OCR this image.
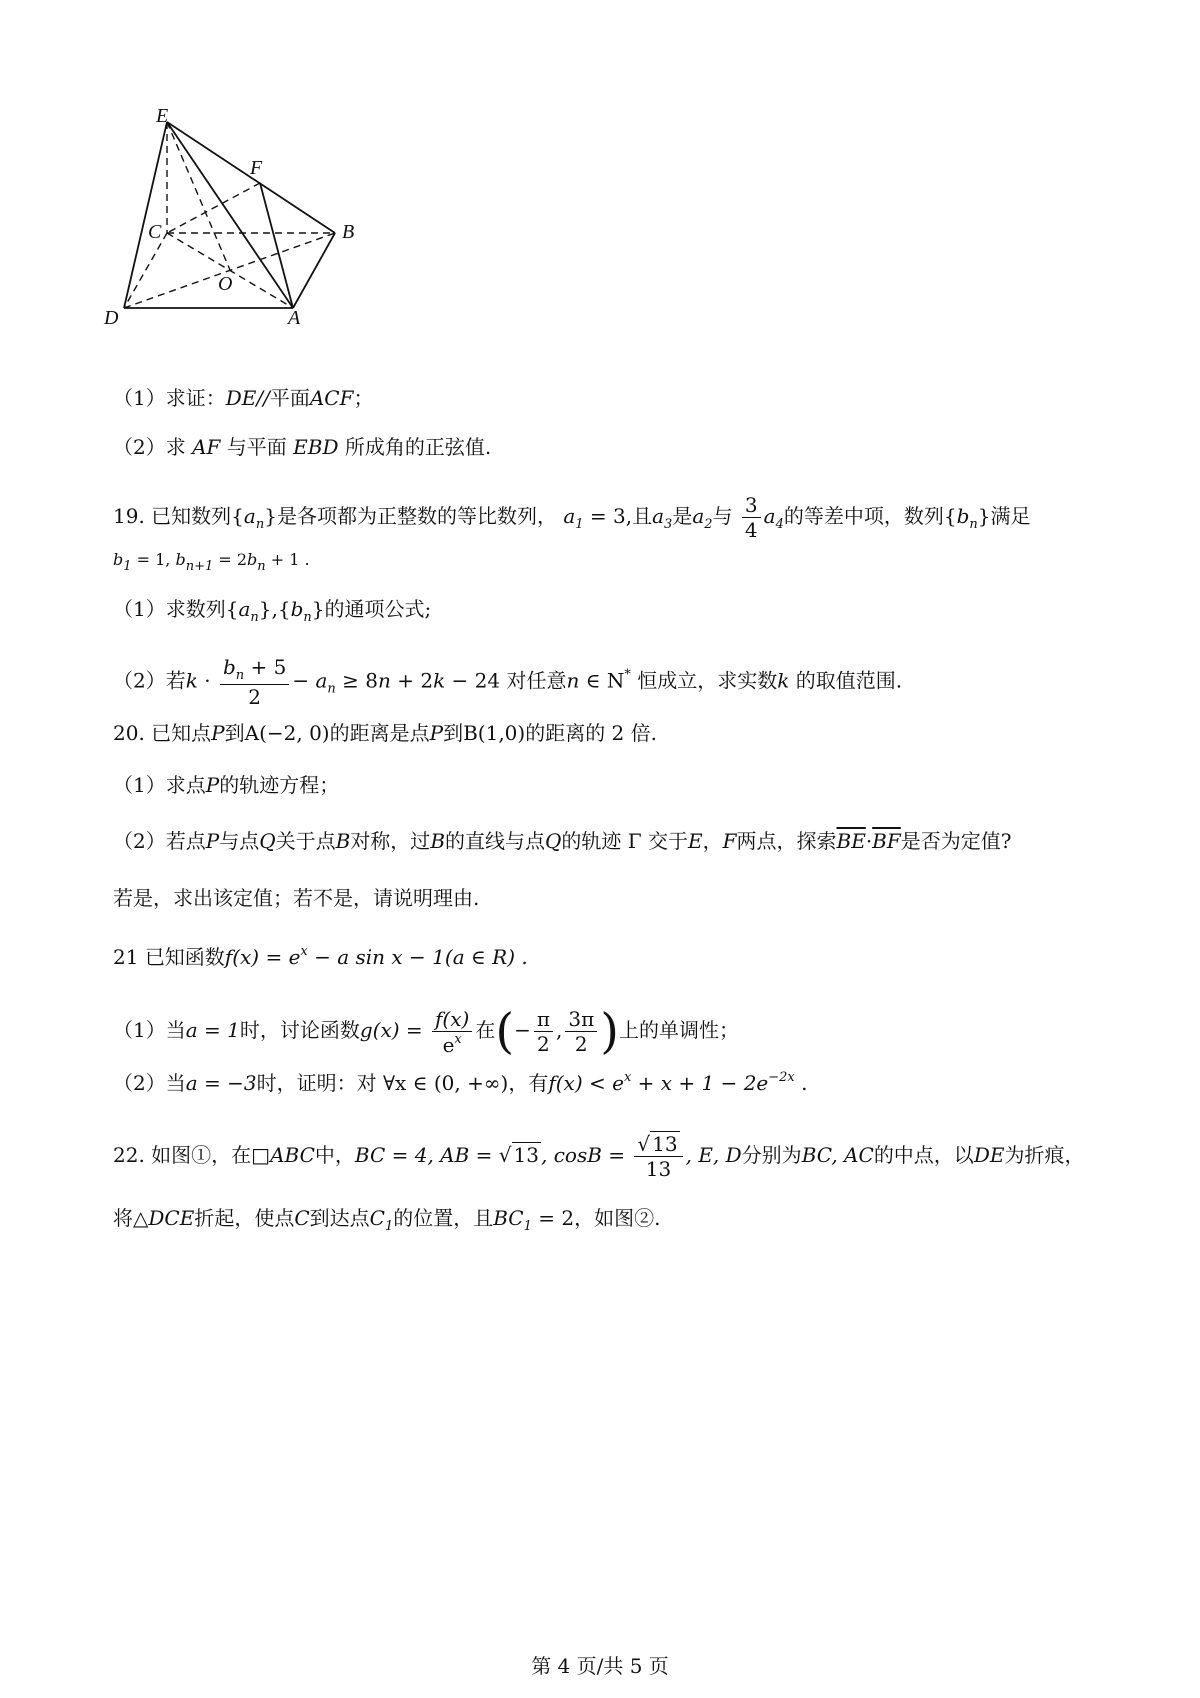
E
F
C	B
O
D	A
（1）求证：DE//平面ACF；
（2）求 AF 与平面 EBD 所成角的正弦值.
19. 已知数列$\{a_n\}$是各项都为正整数的等比数列， $a_1 = 3$,且$a_3$是$a_2$与 $\frac{3}{4} a_4$的等差中项，数列$\{b_n\}$满足
$b_1 = 1$, $b_{n+1} = 2b_n + 1$ .
（1）求数列$\{a_n\},\{b_n\}$的通项公式;
（2）若$k \cdot \frac{b_n + 5}{2} - a_n \ge 8n + 2k - 24$ 对任意n ∈ N* 恒成立，求实数k 的取值范围.
20. 已知点P到A(−2, 0)的距离是点P到B(1,0)的距离的 2 倍.
（1）求点P的轨迹方程；
（2）若点P与点Q关于点B对称，过B的直线与点Q的轨迹 Γ 交于E，F两点，探索$\overline{BE}\cdot\overline{BF}$是否为定值?
若是，求出该定值；若不是，请说明理由.
21 已知函数$f(x) = e^x - a$ sin x − 1(a ∈ R) .
（1）当a = 1时，讨论函数$g(x) = \frac{f(x)}{e^x}$ 在(− $\frac{\pi}{2}$ , $\frac{3\pi}{2}$ )上的单调性；
（2）当a = −3时，证明：对 ∀x ∈ (0, +∞)，有$f(x) < e^x + x + 1 - 2e^{-2x}$ .
22. 如图①，在□ABC中，BC = 4, AB = √ 13 , $\cos B = \frac{√ 13}{13}$ , E, D分别为BC, AC的中点，以DE为折痕，
将△DCE折起，使点C到达点$C_1$的位置，且$BC_1 = 2$，如图②.
第 4 页/共 5 页
